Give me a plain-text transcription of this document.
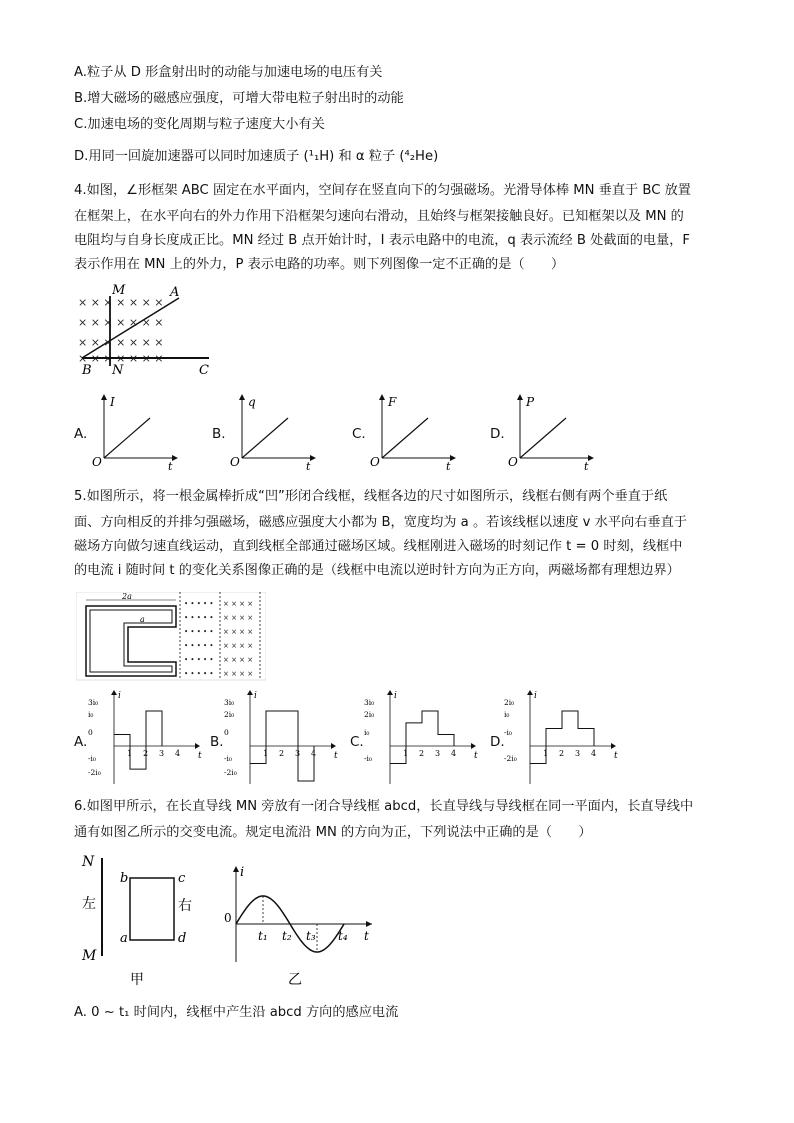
A.粒子从 D 形盒射出时的动能与加速电场的电压有关
B.增大磁场的磁感应强度，可增大带电粒子射出时的动能
C.加速电场的变化周期与粒子速度大小有关
D.用同一回旋加速器可以同时加速质子 (¹₁H) 和 α 粒子 (⁴₂He)
4.如图，∠形框架 ABC 固定在水平面内，空间存在竖直向下的匀强磁场。光滑导体棒 MN 垂直于 BC 放置
在框架上，在水平向右的外力作用下沿框架匀速向右滑动，且始终与框架接触良好。已知框架以及 MN 的
电阻均与自身长度成正比。MN 经过 B 点开始计时，I 表示电路中的电流，q 表示流经 B 处截面的电量，F
表示作用在 MN 上的外力，P 表示电路的功率。则下列图像一定不正确的是（　　）
× × × × × × ×
× × × × × × ×
× × × × × × ×
× × × × × × ×
M	A
B N	C
A.
I
t
O
B.
q
t
O
C.
F
t
O
D.
P
t
O
5.如图所示，将一根金属棒折成“凹”形闭合线框，线框各边的尺寸如图所示，线框右侧有两个垂直于纸
面、方向相反的并排匀强磁场，磁感应强度大小都为 B，宽度均为 a 。若该线框以速度 v 水平向右垂直于
磁场方向做匀速直线运动，直到线框全部通过磁场区域。线框刚进入磁场的时刻记作 t = 0 时刻，线框中
的电流 i 随时间 t 的变化关系图像正确的是（线框中电流以逆时针方向为正方向，两磁场都有理想边界）
2a
a
• • • • •
• • • • •
• • • • •
• • • • •
• • • • •
• • • • •
× × × ×
× × × ×
× × × ×
× × × ×
× × × ×
× × × ×
A.
i
t
3i₀
i₀
0
-i₀
-2i₀
1 2 3 4
B.
i
t
3i₀
2i₀
0
-i₀
-2i₀
1 2 3 4
C.
i
t
3i₀
2i₀
i₀
-i₀
1 2 3 4
D.
i
t
2i₀
i₀
-i₀
-2i₀
1 2 3 4
6.如图甲所示，在长直导线 MN 旁放有一闭合导线框 abcd，长直导线与导线框在同一平面内，长直导线中
通有如图乙所示的交变电流。规定电流沿 MN 的方向为正，下列说法中正确的是（　　）
N
M
左
b	c
a	d
右
甲
i
0
t₁ t₂ t₃ t₄ t
乙
A. 0 ~ t₁ 时间内，线框中产生沿 abcd 方向的感应电流
